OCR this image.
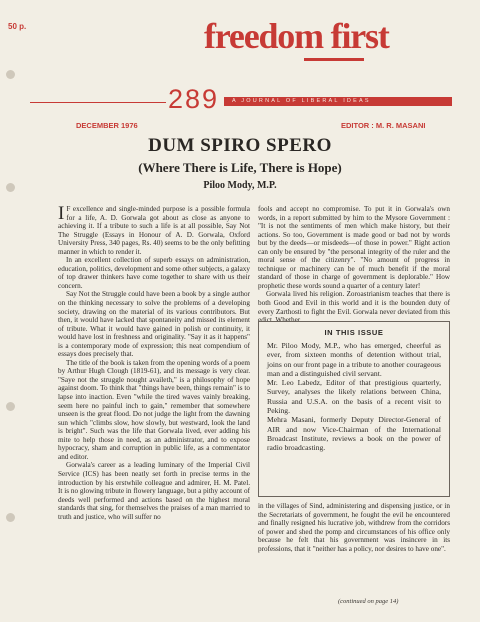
50 p.	freedom first
289	A JOURNAL OF LIBERAL IDEAS
DECEMBER 1976	EDITOR : M. R. MASANI
DUM SPIRO SPERO
(Where There is Life, There is Hope)
Piloo Mody, M.P.

I F excellence and single-minded purpose is a possible formula for a life, A. D. Gorwala got about as close as anyone to achieving it. If a tribute to such a life is at all possible, Say Not The Struggle (Essays in Honour of A. D. Gorwala, Oxford University Press, 340 pages, Rs. 40) seems to be the only befitting manner in which to render it.

In an excellent collection of superb essays on administration, education, politics, development and some other subjects, a galaxy of top drawer thinkers have come together to share with us their concern.

Say Not the Struggle could have been a book by a single author on the thinking necessary to solve the problems of a developing society, drawing on the material of its various contributors. But then, it would have lacked that spontaneity and missed its element of tribute. What it would have gained in polish or continuity, it would have lost in freshness and originality. "Say it as it happens" is a contemporary mode of expression; this neat compendium of essays does precisely that.

The title of the book is taken from the opening words of a poem by Arthur Hugh Clough (1819-61), and its message is very clear. "Saye not the struggle nought availeth," is a philosophy of hope against doom. To think that "things have been, things remain" is to lapse into inaction. Even "while the tired waves vainly breaking, seem here no painful inch to gain," remember that somewhere unseen is the great flood. Do not judge the light from the dawning sun which "climbs slow, how slowly, but westward, look the land is bright". Such was the life that Gorwala lived, ever adding his mite to help those in need, as an administrator, and to expose hypocracy, sham and corruption in public life, as a commentator and editor.

Gorwala's career as a leading luminary of the Imperial Civil Service (ICS) has been neatly set forth in precise terms in the introduction by his erstwhile colleague and admirer, H. M. Patel. It is no glowing tribute in flowery language, but a pithy account of deeds well performed and actions based on the highest moral standards that sing, for themselves the praises of a man married to truth and justice, who will suffer no

fools and accept no compromise. To put it in Gorwala's own words, in a report submitted by him to the Mysore Government : "It is not the sentiments of men which make history, but their actions. So too, Government is made good or bad not by words but by the deeds—or misdeeds—of those in power." Right action can only be ensured by "the personal integrity of the ruler and the moral sense of the citizenry". "No amount of progress in technique or machinery can be of much benefit if the moral standard of those in charge of government is deplorable." How prophetic these words sound a quarter of a century later!

Gorwala lived his religion. Zoroastrianism teaches that there is both Good and Evil in this world and it is the bounden duty of every Zarthosti to fight the Evil. Gorwala never deviated from this edict. Whether

IN THIS ISSUE

Mr. Piloo Mody, M.P., who has emerged, cheerful as ever, from sixteen months of detention without trial, joins on our front page in a tribute to another courageous man and a distinguished civil servant.

Mr. Leo Labedz, Editor of that prestigious quarterly, Survey, analyses the likely relations between China, Russia and U.S.A. on the basis of a recent visit to Peking.

Mehra Masani, formerly Deputy Director-General of AIR and now Vice-Chairman of the International Broadcast Institute, reviews a book on the power of radio broadcasting.

in the villages of Sind, administering and dispensing justice, or in the Secretariats of government, he fought the evil he encountered and finally resigned his lucrative job, withdrew from the corridors of power and shed the pomp and circumstances of his office only because he felt that his government was insincere in its professions, that it "neither has a policy, nor desires to have one".

(continued on page 14)
